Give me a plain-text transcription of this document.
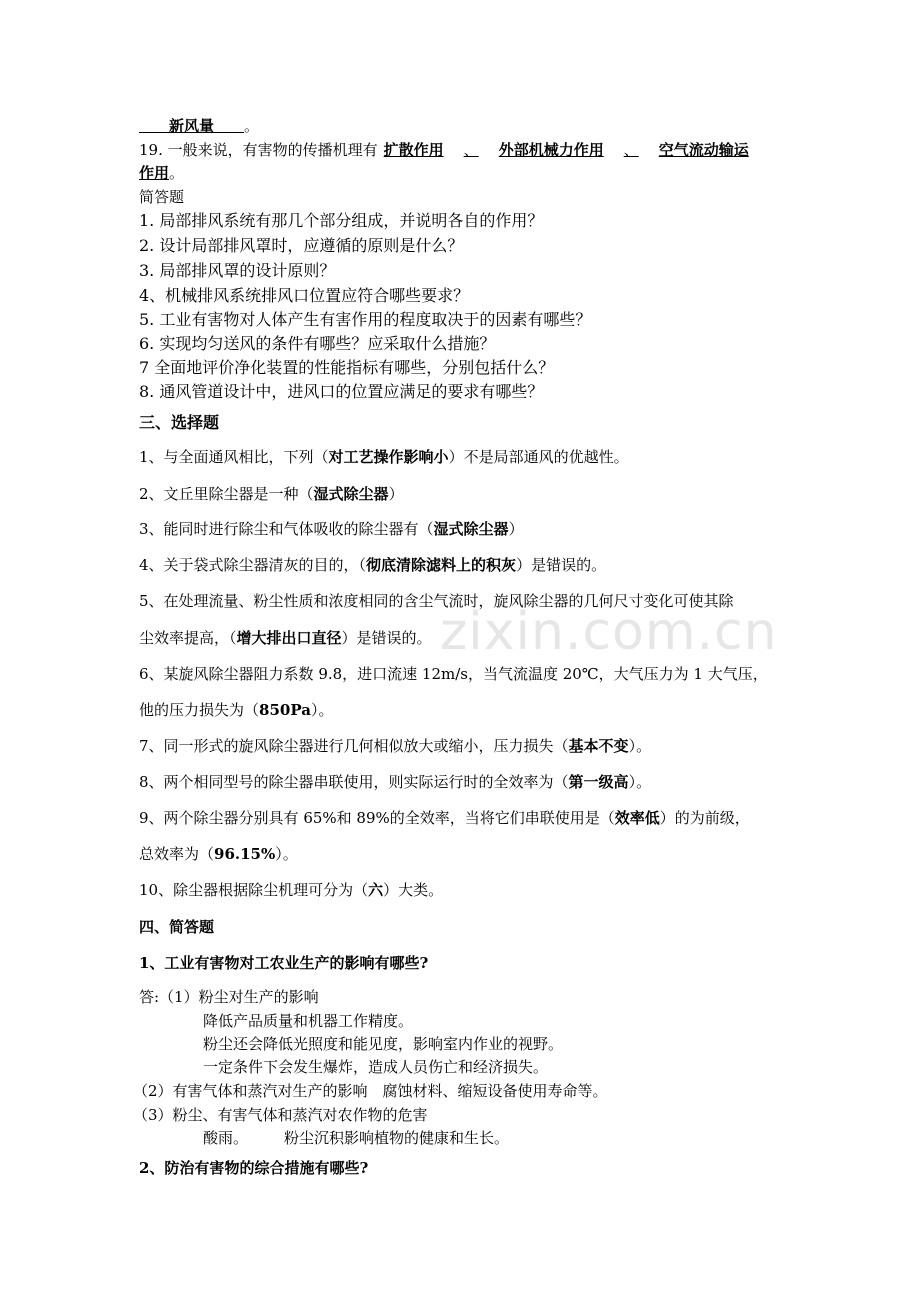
zixin.com.cn
　　新风量　　 。
19. 一般来说，有害物的传播机理有 扩散作用 、 外部机械力作用 、 空气流动输运
作用。
简答题
1. 局部排风系统有那几个部分组成，并说明各自的作用？
2. 设计局部排风罩时，应遵循的原则是什么？
3. 局部排风罩的设计原则？
4、机械排风系统排风口位置应符合哪些要求？
5. 工业有害物对人体产生有害作用的程度取决于的因素有哪些？
6. 实现均匀送风的条件有哪些？应采取什么措施？
7 全面地评价净化装置的性能指标有哪些，分别包括什么？
8. 通风管道设计中，进风口的位置应满足的要求有哪些？
三、选择题
1、与全面通风相比，下列（对工艺操作影响小）不是局部通风的优越性。
2、文丘里除尘器是一种（湿式除尘器）
3、能同时进行除尘和气体吸收的除尘器有（湿式除尘器）
4、关于袋式除尘器清灰的目的，（彻底清除滤料上的积灰）是错误的。
5、在处理流量、粉尘性质和浓度相同的含尘气流时，旋风除尘器的几何尺寸变化可使其除
尘效率提高，（增大排出口直径）是错误的。
6、某旋风除尘器阻力系数 9.8，进口流速 12m/s，当气流温度 20℃，大气压力为 1 大气压，
他的压力损失为（850Pa）。
7、同一形式的旋风除尘器进行几何相似放大或缩小，压力损失（基本不变）。
8、两个相同型号的除尘器串联使用，则实际运行时的全效率为（第一级高）。
9、两个除尘器分别具有 65%和 89%的全效率，当将它们串联使用是（效率低）的为前级，
总效率为（96.15%）。
10、除尘器根据除尘机理可分为（六）大类。
四、简答题
1、工业有害物对工农业生产的影响有哪些?
答:（1）粉尘对生产的影响
降低产品质量和机器工作精度。
粉尘还会降低光照度和能见度，影响室内作业的视野。
一定条件下会发生爆炸，造成人员伤亡和经济损失。
（2）有害气体和蒸汽对生产的影响　腐蚀材料、缩短设备使用寿命等。
（3）粉尘、有害气体和蒸汽对农作物的危害
酸雨。 粉尘沉积影响植物的健康和生长。
2、防治有害物的综合措施有哪些?
